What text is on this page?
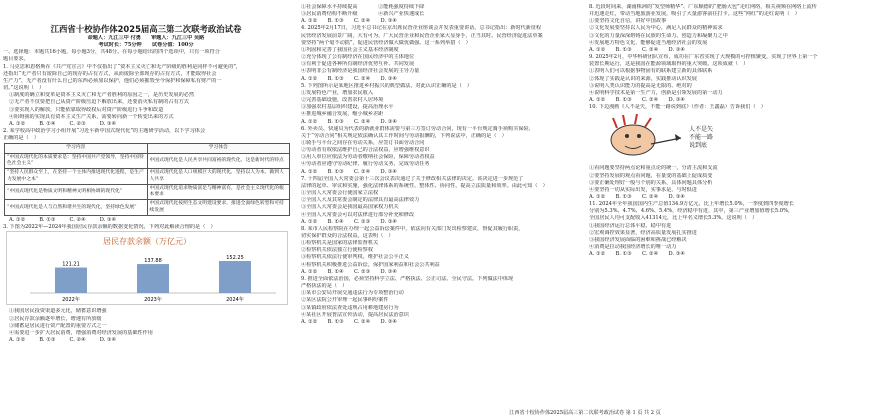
江西省十校协作体2025届高三第二次联考政治试卷

命题人：九江三中 付勇　　审题人：九江三中 吴路

考试时长：75分钟　　试卷分值：100分

一、选择题：本题共16小题，每小题3分，共48分。在每小题给出的四个选项中，只有一项符合

题目要求。

1. 马克思和恩格斯在《共产党宣言》中不仅指出了“资本主义灭亡和无产阶级的胜利是同样不可避免的”，

还指出“无产者只有废除自己的现存的占有方式，从而废除全部现存的占有方式，才能取得社会

生产力”，无产者没有什么自己的东西必须加以保护，他们必须摧毁至今保护和保障私有财产的一

切。”这说明（　）

①制度的确立和变革是资本主义灭亡和无产者胜利的原因之一，是历史发展的必然

②无产者不仅要把自己从资产阶级压迫下解放出来，还要消灭私有制的占有方式

③要实现人的解放，只能依靠取得政权后对资产阶级进行斗争和改造

④阻碍我的实现具有资本主义生产关系，需要转向新一个转变出来的方式

A. ①②	B. ①④	C. ②③	D. ③④

2. 某学校高中政治学习小组开展“习近平新中国式现代化”的主题研学活动，以下学习体会

正确的是（　）

学习内容	学习体会
“中国式现代化的本质要求是：坚持中国共产党领导，坚持中国特色社会主义”	中国式现代化是人民共享共同富裕的现代化，这是新时代的特点
“坚持人民群众至上，在坚持一个主体内推进现代化进程，是生产力发展中之本”	中国式现代化是人口规模巨大的现代化，坚持以人为本，做到人人共享
“中国式现代化是物质文明和精神文明相协调的现代化”	中国式现代化追求物质富足与精神富有，是社会主义现代化的根本要求
“中国式现代化是人与自然和谐共生的现代化，坚持绿色发展”	中国式现代化按照生态文明建设要求，推进全面绿色转型和可持续发展

A. ①②	B. ①③	C. ②④	D. ③④

3. 下图为2022年—2024年我国居民存款余额的数据变化情况，下列对此解读合理的是（　）

居民存款余额（万亿元）
121.21
2022年
137.88
2023年
152.25
2024年

①我国居民投资渠道多元化，储蓄意识增强

②居民存款余额逐年增长，增速有所放缓

③储蓄是居民进行资产配置的重要方式之一

④需要进一步扩大居民消费，增强消费对经济发展的基础性作用

A. ①②	B. ①③	C. ②④	D. ③④

①社会保障水平持续提高　　　　②能耗强度持续下降

③居民消费结构不断升级　　　　④新兴产业快速成长

A. ①②　　B. ①③　　C. ②④　　D. ③④

4. 2025年2月17日，习近平总书记在京出席民营企业座谈会并发表重要讲话。总书记指出：新时代新征程

民营经济发展前景广阔，大有可为，广大民营企业和民营企业家大显身手，正当其时。民营经济促进法草案

要坚持“两个毫不动摇”，促进民营经济做大做优做强。这一系列举措（　）

①巩固和完善了我国社会主义基本经济制度

②充分体现了公有制经济在国民经济中的主体地位

③有利于促进各种所有制经济优势互补、共同发展

④表明非公有制经济是我国经济社会发展的主导力量

A. ①②　　B. ①③　　C. ②④　　D. ③④

5. 下列图所示是某地区推进乡村振兴的典型做法，对此认识正确的是（　）

①发展特色产业，增加农民收入

②完善基础设施，改善农村人居环境

③加强农村基层组织建设，提高治理水平

④推进城乡融合发展，缩小城乡差距

A. ①②　　B. ①③　　C. ②④　　D. ③④

6. 外卖员、快递员为代表的新就业群体需要与第三方签订劳动合同，现有一平台规定骑手须购买保险、

关于“劳动合同”相关规定依法确认其工作时间与劳动报酬的，下列说法中，正确的是（　）

①骑手与平台之间存在劳动关系，应签订书面劳动合同

②劳动者有权依法维护自己的合法权益，应增强维权意识

③用人单位应依法为劳动者缴纳社会保险，保障劳动者权益

④劳动者应遵守劳动纪律，履行劳动义务，完成劳动任务

A. ①②　　B. ①③　　C. ②④　　D. ③④

7. 十四届全国人大常委会第十三次会议表决通过了关于修改相关法律的决定。该决定进一步规范了

法律的起草、审议和实施，强化法律体系的系统性、整体性、协同性，提高立法质量和效率。由此可知（　）

①全国人大常委会行使国家立法权

②全国人大及其常委会制定的法律具有最高法律效力

③全国人大常委会是我国最高国家权力机关

④全国人大常委会可以对法律进行部分补充和修改

A. ①②　　B. ①④　　C. ②③　　D. ③④

8. 某市人民检察院在办理一起公益诉讼案件中，依法向有关部门发出检察建议，督促其履行职责，

切实保护群众的合法权益。这表明（　）

①检察机关是国家的法律监督机关

②检察机关依法独立行使检察权

③检察机关依法行使审判权，维护社会公平正义

④检察机关积极推进公益诉讼，保护国家利益和社会公共利益

A. ①②　　B. ①④　　C. ②③　　D. ③④

9. 推进全面依法治国，必须坚持科学立法、严格执法、公正司法、全民守法。下列做法中体现

严格执法的是（　）

①某市公安局开展交通违法行为专项整治行动

②某区法院公开审理一起民事纠纷案件

③某镇政府依法查处违规占用耕地建房行为

④某社区开展普法宣传活动，提高居民法治意识

A. ①②　　B. ①③　　C. ②④　　D. ③④

8. 近段时间来，湖南株洲的“发型师精华”、广东顺德的“肥肠大包”走红网络，相关视频在网络上流传

并迅速走红，带动当地旅游业发展，吸引了大量游客前往打卡。这些“网红”的走红说明（　）

①要坚持文化自信，讲好中国故事

②文化发展要坚持以人民为中心，满足人民群众的精神需求

③文化的力量深深熔铸在民族的生命力、创造力和凝聚力之中

④发展地方特色文化，能够促进当地经济社会的发展

A. ①②　　B. ①③　　C. ②④　　D. ③④

9. 2025年2月，中华科研团队宣布，成功在广东省实现了大规模的可控核聚变，实现了世界上第一个

装置长期运行，这是我国在能源领域取得的重大突破。这项成就（　）

①表明人们可以根据事物固有的联系建立新的具体联系

②体现了实践是认识的来源，实践推动认识发展

③说明人类认识能力的提高是无限的、绝对的

④说明科学技术是第一生产力，创新是引领发展的第一动力

A. ①②　　B. ①③　　C. ②④　　D. ③④

10. 下边漫画《人不是矢，不能一路说到底》（作者：王鑫磊）告诉我们（　）

人不是矢 不能一路说到底

①看问题要坚持两点论和重点论的统一，分清主流和支流

②要坚持发展的观点看问题，在量变的基础上促成质变

③要正确处理好一般与个别的关系，具体问题具体分析

④要坚持一切从实际出发，实事求是，与时俱进

A. ①②　　B. ①③　　C. ②④　　D. ③④

11. 2024年全年我国国内生产总值134.9万亿元，比上年增长5.0%，一季度到四季度增长

分别为5.3%、4.7%、4.6%、5.4%，经济稳中有进，其中，第三产业增加值增长5.0%，

全国居民人均可支配收入41314元，比上年名义增长5.3%。这说明（　）

①我国经济运行总体平稳，稳中有进

②宏观调控效果显著，经济高质量发展扎实推进

③我国经济发展面临的困难和挑战已经解决

④消费是拉动我国经济增长的唯一动力

A. ①②　　B. ①③　　C. ②④　　D. ③④

江西省十校协作体2025届高三第二次联考政治试卷 第 1 页 共 2 页
